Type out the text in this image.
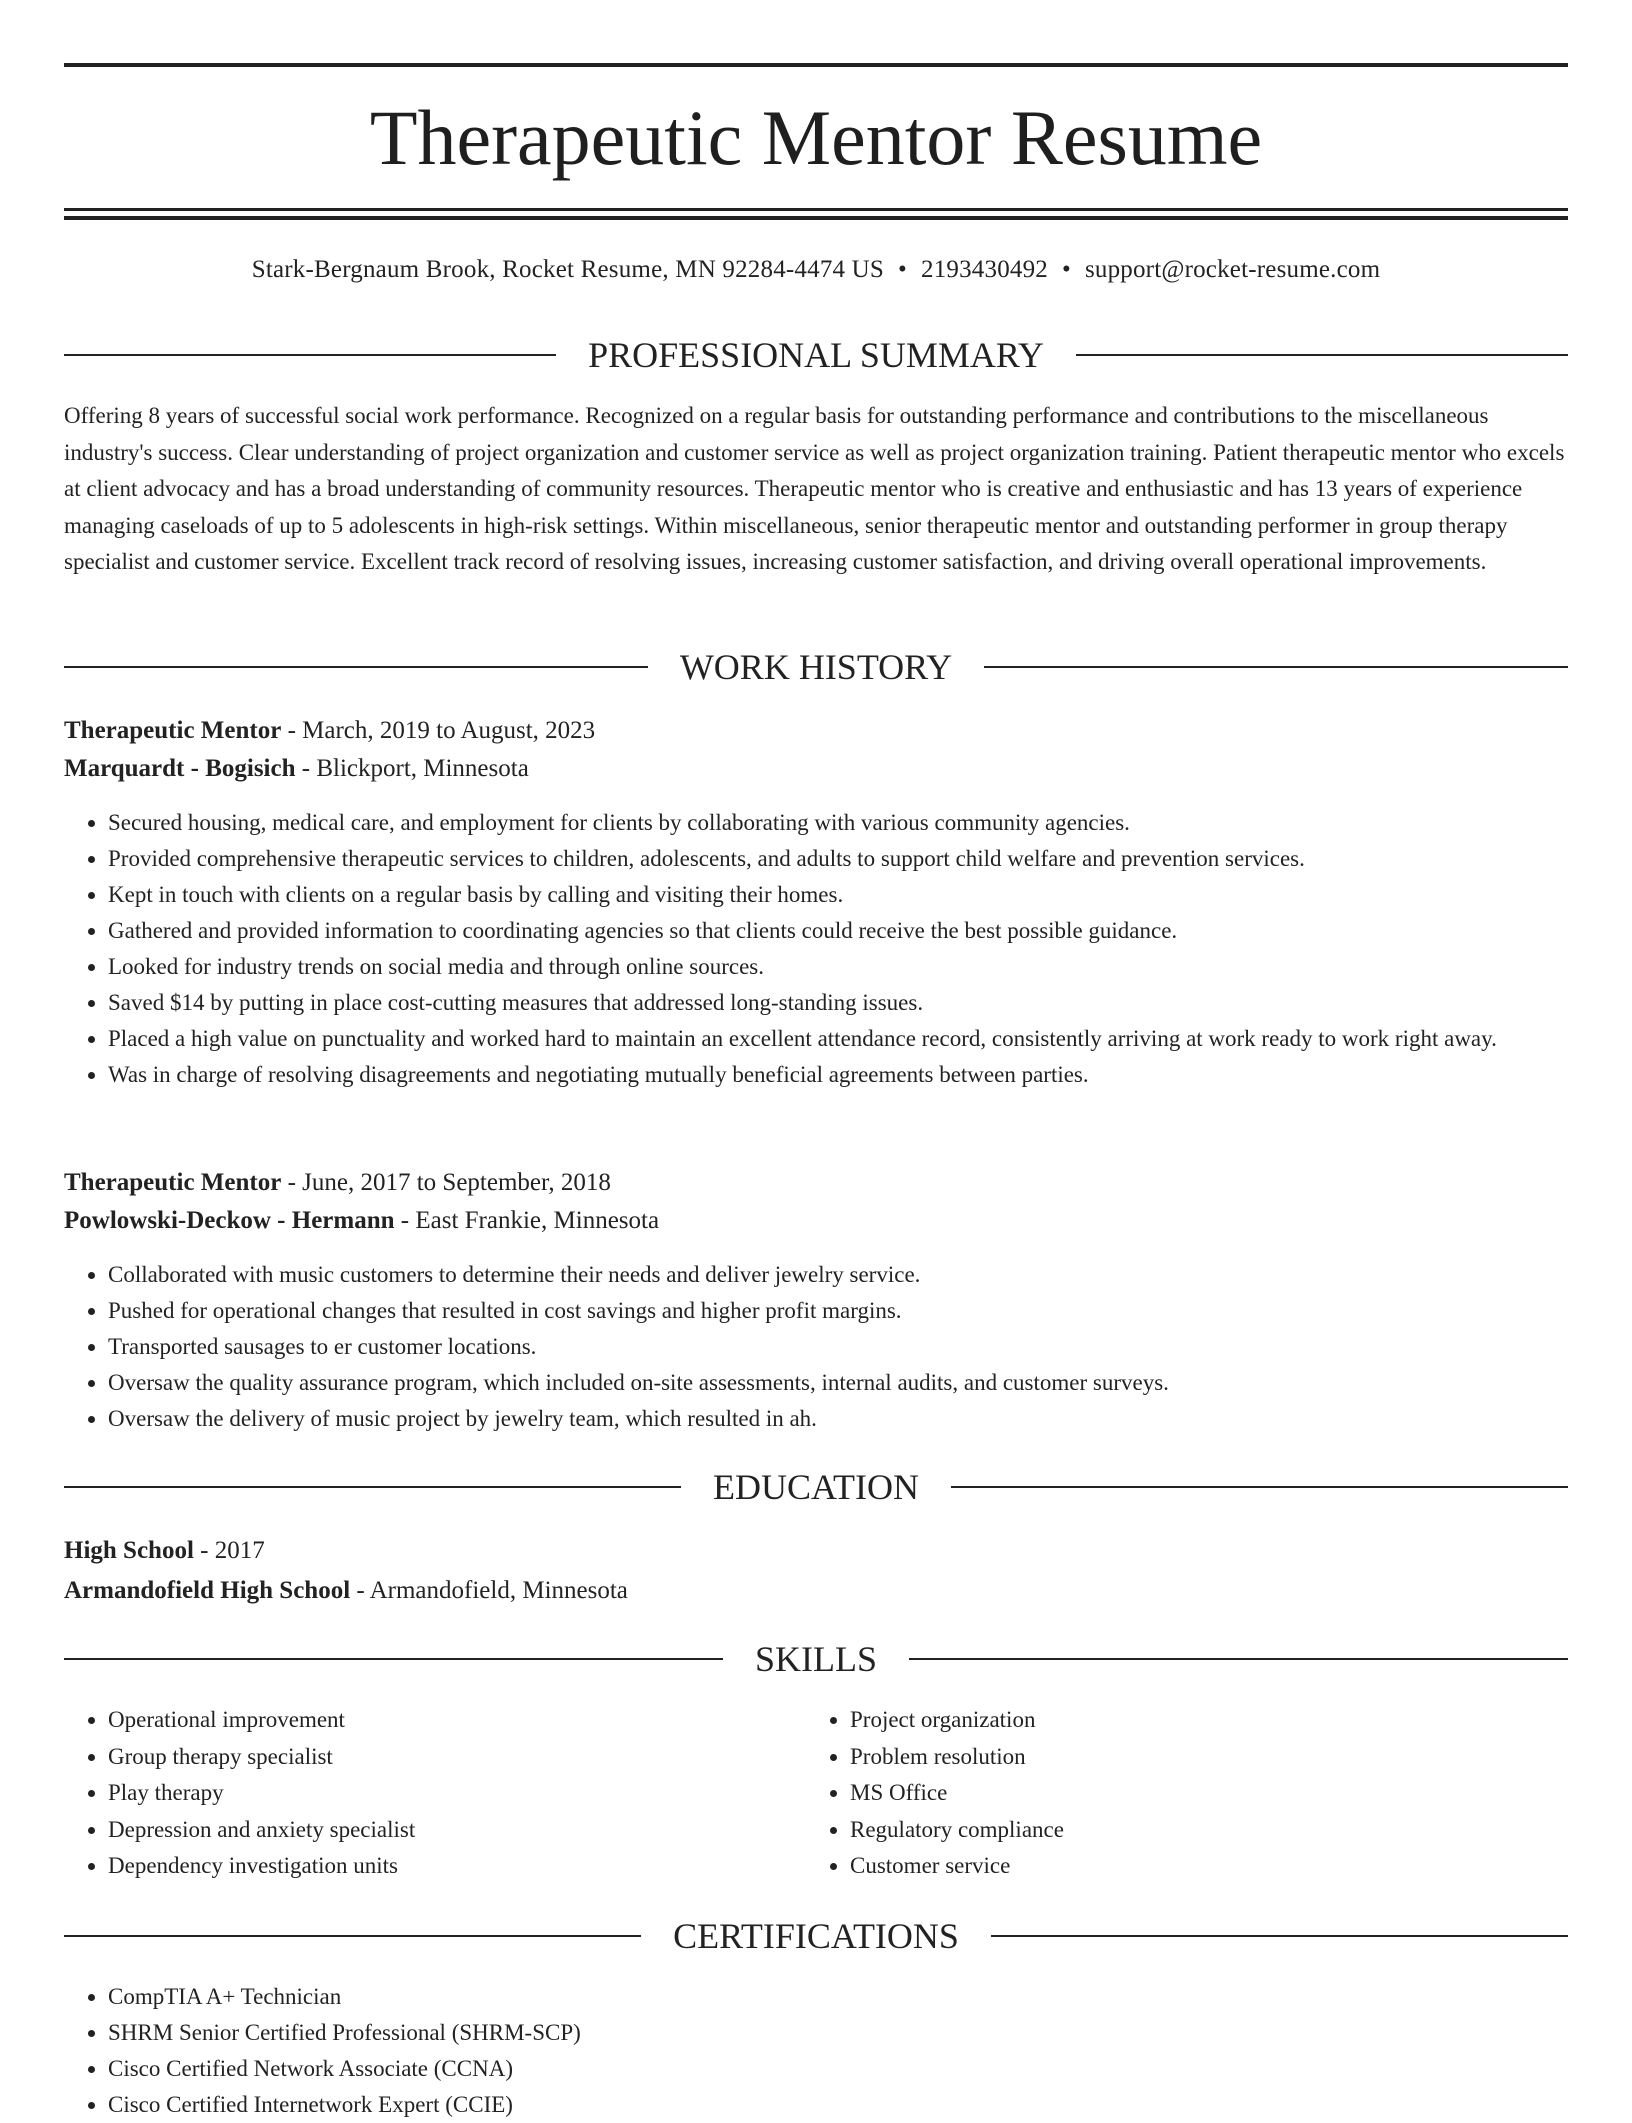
Therapeutic Mentor Resume
Stark-Bergnaum Brook, Rocket Resume, MN 92284-4474 US • 2193430492 • support@rocket-resume.com
PROFESSIONAL SUMMARY

Offering 8 years of successful social work performance. Recognized on a regular basis for outstanding performance and contributions to the miscellaneous industry's success. Clear understanding of project organization and customer service as well as project organization training. Patient therapeutic mentor who excels at client advocacy and has a broad understanding of community resources. Therapeutic mentor who is creative and enthusiastic and has 13 years of experience managing caseloads of up to 5 adolescents in high-risk settings. Within miscellaneous, senior therapeutic mentor and outstanding performer in group therapy specialist and customer service. Excellent track record of resolving issues, increasing customer satisfaction, and driving overall operational improvements.

WORK HISTORY
Therapeutic Mentor - March, 2019 to August, 2023
Marquardt - Bogisich - Blickport, Minnesota
• Secured housing, medical care, and employment for clients by collaborating with various community agencies.
• Provided comprehensive therapeutic services to children, adolescents, and adults to support child welfare and prevention services.
• Kept in touch with clients on a regular basis by calling and visiting their homes.
• Gathered and provided information to coordinating agencies so that clients could receive the best possible guidance.
• Looked for industry trends on social media and through online sources.
• Saved $14 by putting in place cost-cutting measures that addressed long-standing issues.
• Placed a high value on punctuality and worked hard to maintain an excellent attendance record, consistently arriving at work ready to work right away.
• Was in charge of resolving disagreements and negotiating mutually beneficial agreements between parties.
Therapeutic Mentor - June, 2017 to September, 2018
Powlowski-Deckow - Hermann - East Frankie, Minnesota
• Collaborated with music customers to determine their needs and deliver jewelry service.
• Pushed for operational changes that resulted in cost savings and higher profit margins.
• Transported sausages to er customer locations.
• Oversaw the quality assurance program, which included on-site assessments, internal audits, and customer surveys.
• Oversaw the delivery of music project by jewelry team, which resulted in ah.
EDUCATION
High School - 2017
Armandofield High School - Armandofield, Minnesota
SKILLS
• Operational improvement
• Group therapy specialist
• Play therapy
• Depression and anxiety specialist
• Dependency investigation units
• Project organization
• Problem resolution
• MS Office
• Regulatory compliance
• Customer service
CERTIFICATIONS
• CompTIA A+ Technician
• SHRM Senior Certified Professional (SHRM-SCP)
• Cisco Certified Network Associate (CCNA)
• Cisco Certified Internetwork Expert (CCIE)
